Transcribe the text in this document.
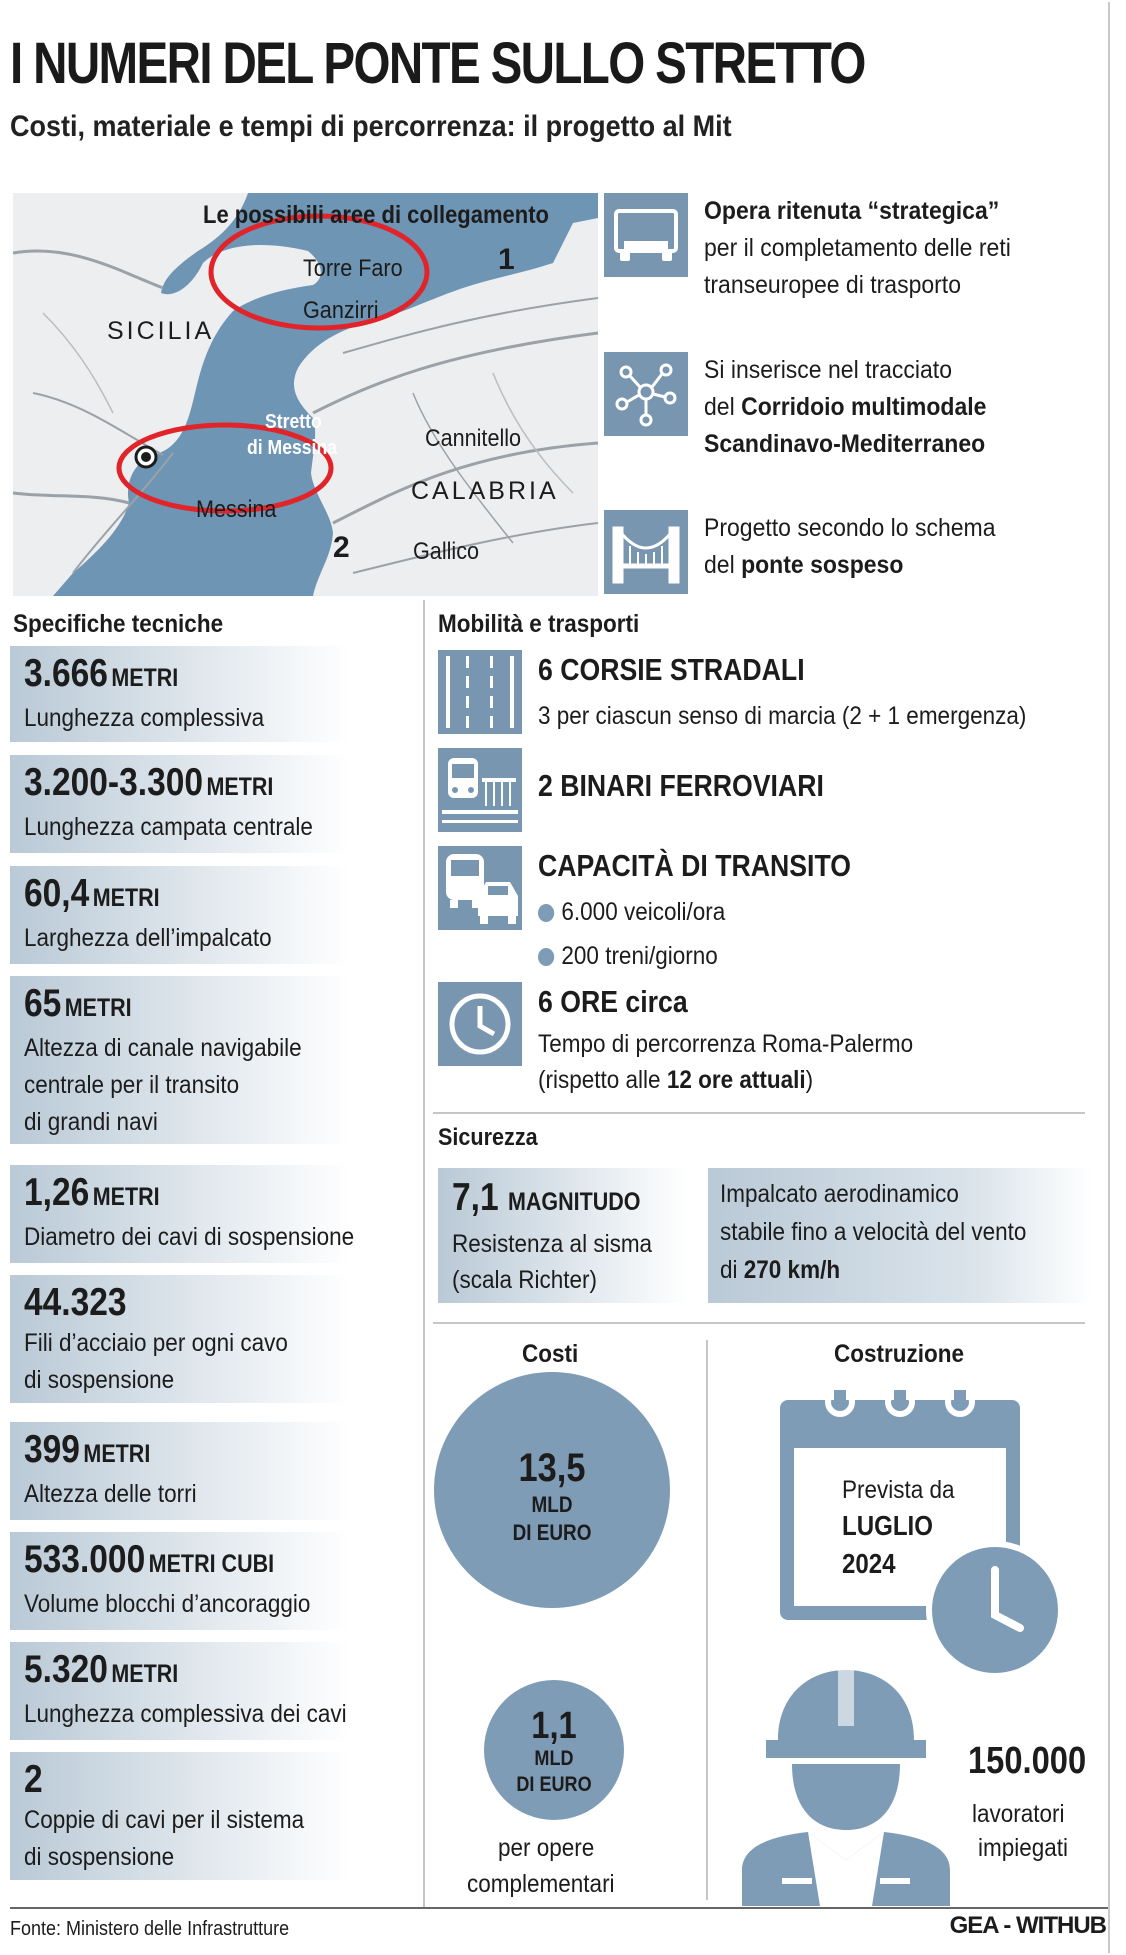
I NUMERI DEL PONTE SULLO STRETTO
Costi, materiale e tempi di percorrenza: il progetto al Mit
Le possibili aree di collegamento
1
Torre Faro
Ganzirri
SICILIA
Stretto
di Messina	Cannitello
CALABRIA
Messina
2	Gallico
Opera ritenuta “strategica”
per il completamento delle reti
transeuropee di trasporto
Si inserisce nel tracciato
del Corridoio multimodale
Scandinavo-Mediterraneo
Progetto secondo lo schema
del ponte sospeso
Specifiche tecniche
3.666 METRI
Lunghezza complessiva
3.200-3.300 METRI
Lunghezza campata centrale
60,4 METRI
Larghezza dell’impalcato
65 METRI
Altezza di canale navigabile
centrale per il transito
di grandi navi
1,26 METRI
Diametro dei cavi di sospensione
44.323
Fili d’acciaio per ogni cavo
di sospensione
399 METRI
Altezza delle torri
533.000 METRI CUBI
Volume blocchi d’ancoraggio
5.320 METRI
Lunghezza complessiva dei cavi
2
Coppie di cavi per il sistema
di sospensione
Mobilità e trasporti
6 CORSIE STRADALI
3 per ciascun senso di marcia (2 + 1 emergenza)
2 BINARI FERROVIARI
CAPACITÀ DI TRANSITO
6.000 veicoli/ora
200 treni/giorno
6 ORE circa
Tempo di percorrenza Roma-Palermo
(rispetto alle 12 ore attuali)
Sicurezza
7,1 MAGNITUDO
Resistenza al sisma
(scala Richter)
Impalcato aerodinamico
stabile fino a velocità del vento
di 270 km/h
Costi
13,5
MLD
DI EURO
1,1
MLD
DI EURO
per opere
complementari
Costruzione
Prevista da
LUGLIO
2024
150.000
lavoratori
impiegati
Fonte: Ministero delle Infrastrutture	GEA - WITHUB
